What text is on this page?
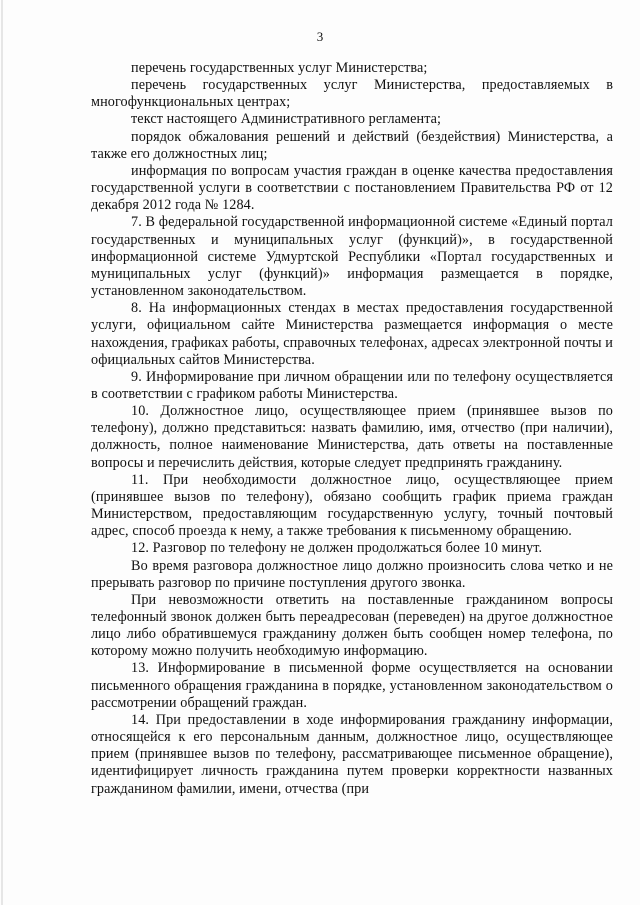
3

перечень государственных услуг Министерства;

перечень государственных услуг Министерства, предоставляемых в многофункциональных центрах;

текст настоящего Административного регламента;

порядок обжалования решений и действий (бездействия) Министерства, а также его должностных лиц;

информация по вопросам участия граждан в оценке качества предоставления государственной услуги в соответствии с постановлением Правительства РФ от 12 декабря 2012 года № 1284.

7. В федеральной государственной информационной системе «Единый портал государственных и муниципальных услуг (функций)», в государственной информационной системе Удмуртской Республики «Портал государственных и муниципальных услуг (функций)» информация размещается в порядке, установленном законодательством.

8. На информационных стендах в местах предоставления государственной услуги, официальном сайте Министерства размещается информация о месте нахождения, графиках работы, справочных телефонах, адресах электронной почты и официальных сайтов Министерства.

9. Информирование при личном обращении или по телефону осуществляется в соответствии с графиком работы Министерства.

10. Должностное лицо, осуществляющее прием (принявшее вызов по телефону), должно представиться: назвать фамилию, имя, отчество (при наличии), должность, полное наименование Министерства, дать ответы на поставленные вопросы и перечислить действия, которые следует предпринять гражданину.

11. При необходимости должностное лицо, осуществляющее прием (принявшее вызов по телефону), обязано сообщить график приема граждан Министерством, предоставляющим государственную услугу, точный почтовый адрес, способ проезда к нему, а также требования к письменному обращению.

12. Разговор по телефону не должен продолжаться более 10 минут.

Во время разговора должностное лицо должно произносить слова четко и не прерывать разговор по причине поступления другого звонка.

При невозможности ответить на поставленные гражданином вопросы телефонный звонок должен быть переадресован (переведен) на другое должностное лицо либо обратившемуся гражданину должен быть сообщен номер телефона, по которому можно получить необходимую информацию.

13. Информирование в письменной форме осуществляется на основании письменного обращения гражданина в порядке, установленном законодательством о рассмотрении обращений граждан.

14. При предоставлении в ходе информирования гражданину информации, относящейся к его персональным данным, должностное лицо, осуществляющее прием (принявшее вызов по телефону, рассматривающее письменное обращение), идентифицирует личность гражданина путем проверки корректности названных гражданином фамилии, имени, отчества (при
